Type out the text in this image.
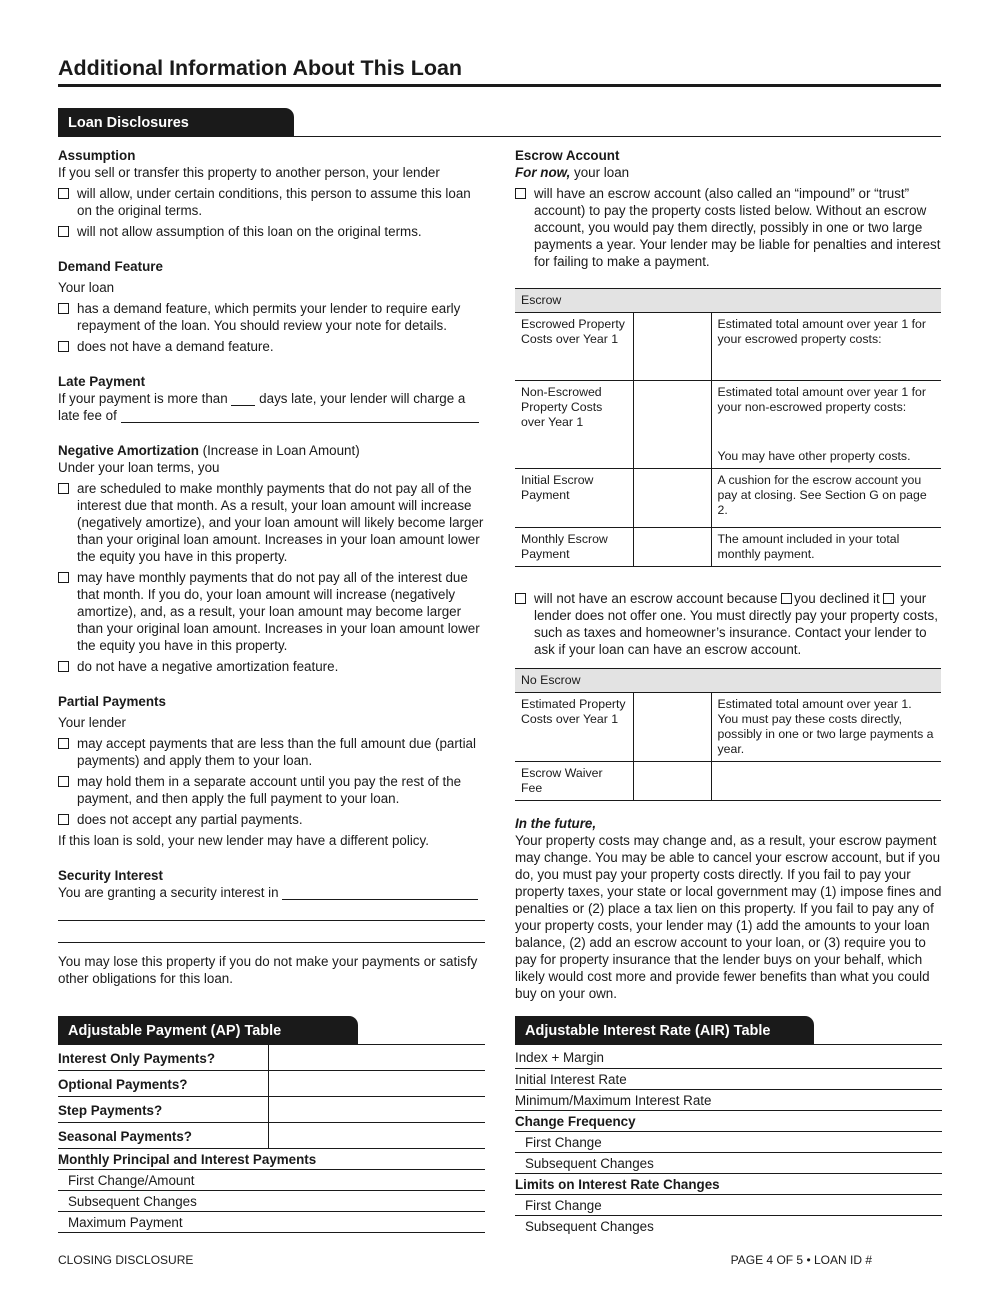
Additional Information About This Loan
Loan Disclosures
Assumption
If you sell or transfer this property to another person, your lender
will allow, under certain conditions, this person to assume this loan on the original terms.
will not allow assumption of this loan on the original terms.
Demand Feature
Your loan
has a demand feature, which permits your lender to require early repayment of the loan. You should review your note for details.
does not have a demand feature.
Late Payment
If your payment is more than days late, your lender will charge a
late fee of
Negative Amortization (Increase in Loan Amount)
Under your loan terms, you
are scheduled to make monthly payments that do not pay all of the interest due that month. As a result, your loan amount will increase (negatively amortize), and your loan amount will likely become larger than your original loan amount. Increases in your loan amount lower the equity you have in this property.
may have monthly payments that do not pay all of the interest due that month. If you do, your loan amount will increase (negatively amortize), and, as a result, your loan amount may become larger than your original loan amount. Increases in your loan amount lower the equity you have in this property.
do not have a negative amortization feature.
Partial Payments
Your lender
may accept payments that are less than the full amount due (partial payments) and apply them to your loan.
may hold them in a separate account until you pay the rest of the payment, and then apply the full payment to your loan.
does not accept any partial payments.
If this loan is sold, your new lender may have a different policy.
Security Interest
You are granting a security interest in
You may lose this property if you do not make your payments or satisfy other obligations for this loan.
Escrow Account
For now, your loan
will have an escrow account (also called an “impound” or “trust” account) to pay the property costs listed below. Without an escrow account, you would pay them directly, possibly in one or two large payments a year. Your lender may be liable for penalties and interest for failing to make a payment.
Escrow		
Escrowed Property Costs over Year 1		Estimated total amount over year 1 for your escrowed property costs:
Non-Escrowed Property Costs over Year 1		Estimated total amount over year 1 for your non-escrowed property costs:
You may have other property costs.

Initial Escrow Payment		A cushion for the escrow account you pay at closing. See Section G on page 2.
Monthly Escrow Payment		The amount included in your total monthly payment.
will not have an escrow account because you declined it your lender does not offer one. You must directly pay your property costs, such as taxes and homeowner’s insurance. Contact your lender to ask if your loan can have an escrow account.
No Escrow		
Estimated Property Costs over Year 1		Estimated total amount over year 1. You must pay these costs directly, possibly in one or two large payments a year.
Escrow Waiver Fee		
In the future,
Your property costs may change and, as a result, your escrow payment may change. You may be able to cancel your escrow account, but if you do, you must pay your property costs directly. If you fail to pay your property taxes, your state or local government may (1) impose fines and penalties or (2) place a tax lien on this property. If you fail to pay any of your property costs, your lender may (1) add the amounts to your loan balance, (2) add an escrow account to your loan, or (3) require you to pay for property insurance that the lender buys on your behalf, which likely would cost more and provide fewer benefits than what you could buy on your own.
Adjustable Payment (AP) Table
Interest Only Payments?
Optional Payments?
Step Payments?
Seasonal Payments?
Monthly Principal and Interest Payments
First Change/Amount
Subsequent Changes
Maximum Payment
Adjustable Interest Rate (AIR) Table
Index + Margin
Initial Interest Rate
Minimum/Maximum Interest Rate
Change Frequency
First Change
Subsequent Changes
Limits on Interest Rate Changes
First Change
Subsequent Changes
CLOSING DISCLOSURE	PAGE 4 OF 5 • LOAN ID #
